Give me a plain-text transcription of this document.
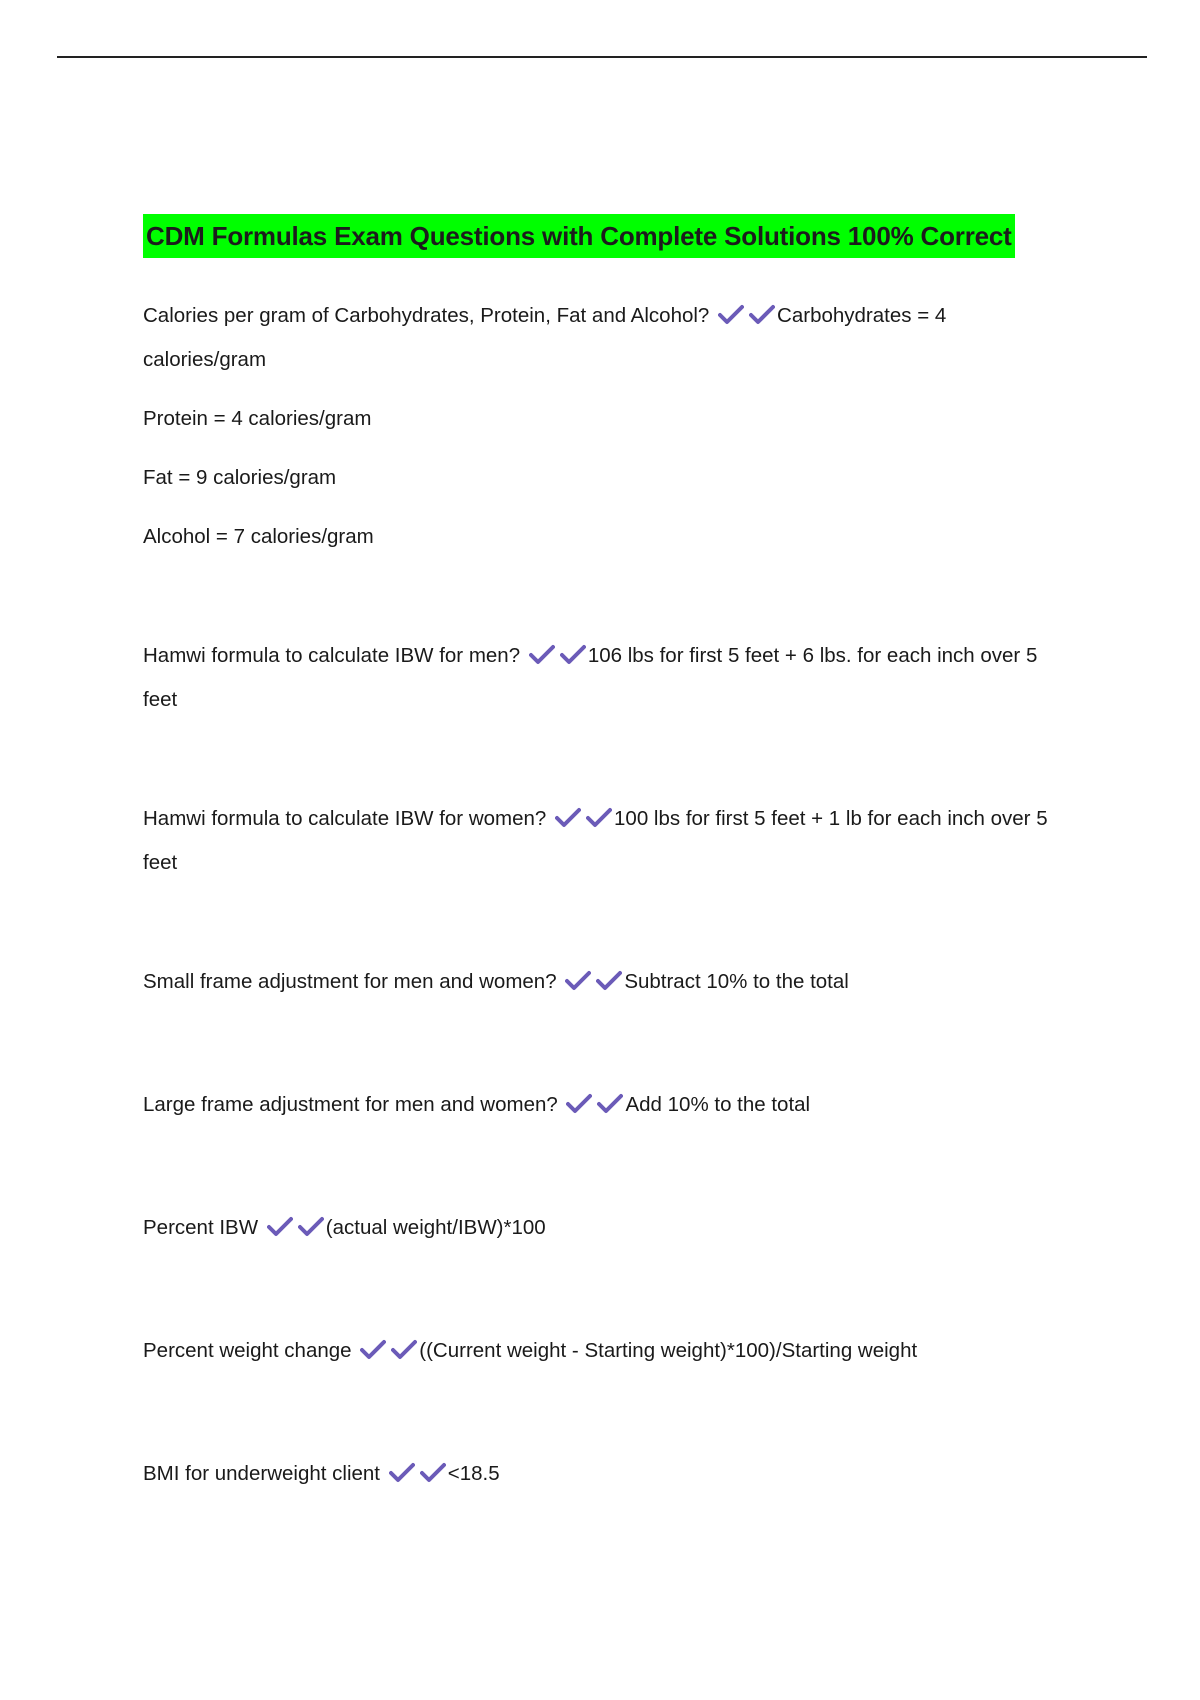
CDM Formulas Exam Questions with Complete Solutions 100% Correct

Calories per gram of Carbohydrates, Protein, Fat and Alcohol?	Carbohydrates = 4 calories/gram

Protein = 4 calories/gram

Fat = 9 calories/gram

Alcohol = 7 calories/gram

Hamwi formula to calculate IBW for men?	106 lbs for first 5 feet + 6 lbs. for each inch over 5 feet

Hamwi formula to calculate IBW for women?	100 lbs for first 5 feet + 1 lb for each inch over 5 feet

Small frame adjustment for men and women?	Subtract 10% to the total

Large frame adjustment for men and women?	Add 10% to the total

Percent IBW	(actual weight/IBW)*100

Percent weight change	((Current weight - Starting weight)*100)/Starting weight

BMI for underweight client	<18.5
